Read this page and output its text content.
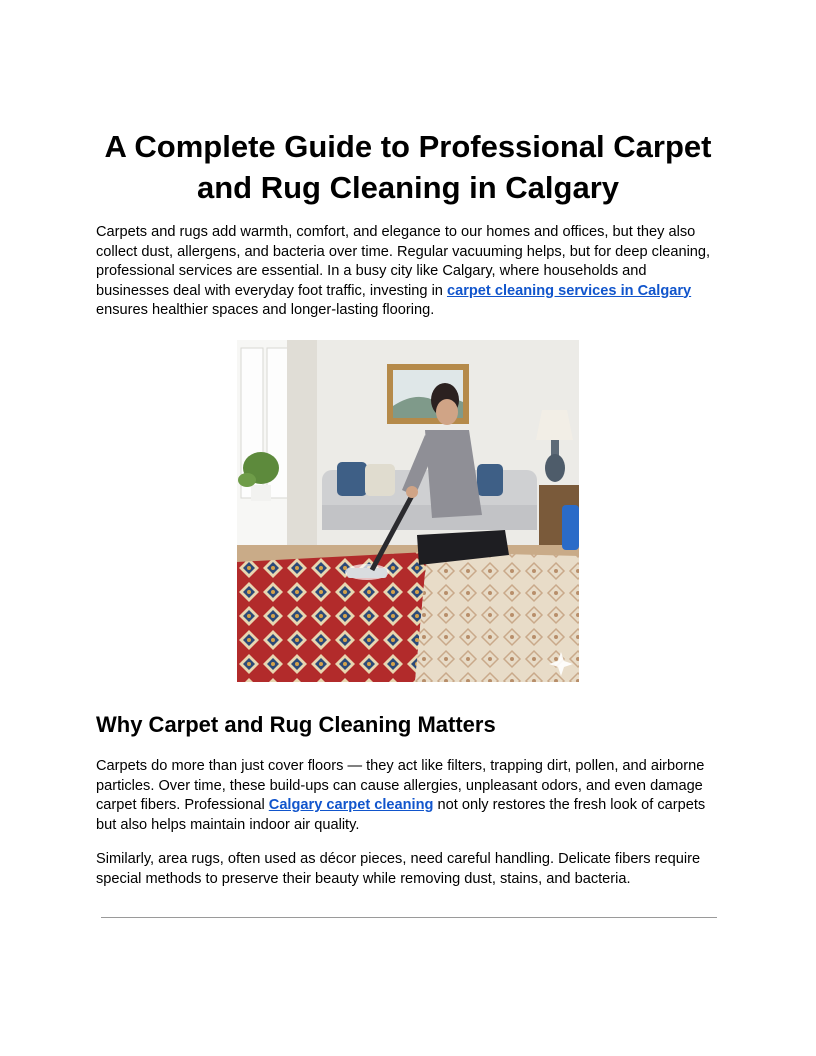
A Complete Guide to Professional Carpet and Rug Cleaning in Calgary

Carpets and rugs add warmth, comfort, and elegance to our homes and offices, but they also collect dust, allergens, and bacteria over time. Regular vacuuming helps, but for deep cleaning, professional services are essential. In a busy city like Calgary, where households and businesses deal with everyday foot traffic, investing in carpet cleaning services in Calgary ensures healthier spaces and longer-lasting flooring.

Why Carpet and Rug Cleaning Matters

Carpets do more than just cover floors — they act like filters, trapping dirt, pollen, and airborne particles. Over time, these build-ups can cause allergies, unpleasant odors, and even damage carpet fibers. Professional Calgary carpet cleaning not only restores the fresh look of carpets but also helps maintain indoor air quality.

Similarly, area rugs, often used as décor pieces, need careful handling. Delicate fibers require special methods to preserve their beauty while removing dust, stains, and bacteria.
